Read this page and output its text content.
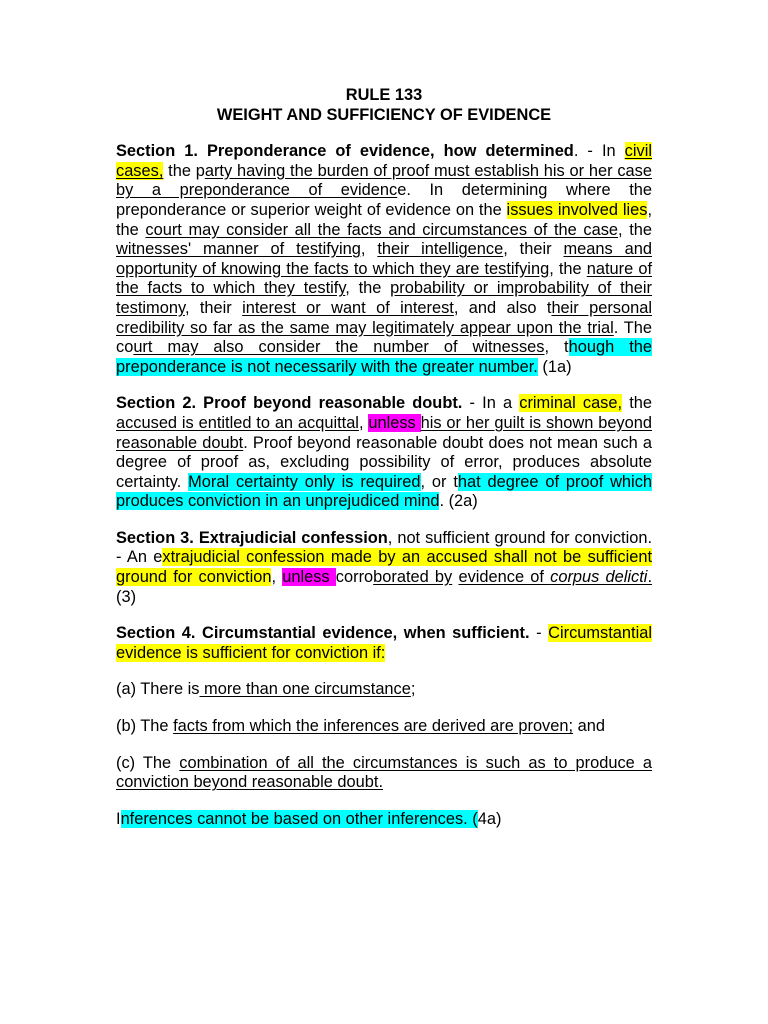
RULE 133
WEIGHT AND SUFFICIENCY OF EVIDENCE

Section 1. Preponderance of evidence, how determined. - In civil cases, the party having the burden of proof must establish his or her case by a preponderance of evidence. In determining where the preponderance or superior weight of evidence on the issues involved lies, the court may consider all the facts and circumstances of the case, the witnesses' manner of testifying, their intelligence, their means and opportunity of knowing the facts to which they are testifying, the nature of the facts to which they testify, the probability or improbability of their testimony, their interest or want of interest, and also their personal credibility so far as the same may legitimately appear upon the trial. The court may also consider the number of witnesses, though the preponderance is not necessarily with the greater number. (1a)

Section 2. Proof beyond reasonable doubt. - In a criminal case, the accused is entitled to an acquittal, unless his or her guilt is shown beyond reasonable doubt. Proof beyond reasonable doubt does not mean such a degree of proof as, excluding possibility of error, produces absolute certainty. Moral certainty only is required, or that degree of proof which produces conviction in an unprejudiced mind. (2a)

Section 3. Extrajudicial confession, not sufficient ground for conviction. - An extrajudicial confession made by an accused shall not be sufficient ground for conviction, unless corroborated by evidence of corpus delicti. (3)

Section 4. Circumstantial evidence, when sufficient. - Circumstantial evidence is sufficient for conviction if:

(a) There is more than one circumstance;

(b) The facts from which the inferences are derived are proven; and

(c) The combination of all the circumstances is such as to produce a conviction beyond reasonable doubt.

Inferences cannot be based on other inferences. (4a)
